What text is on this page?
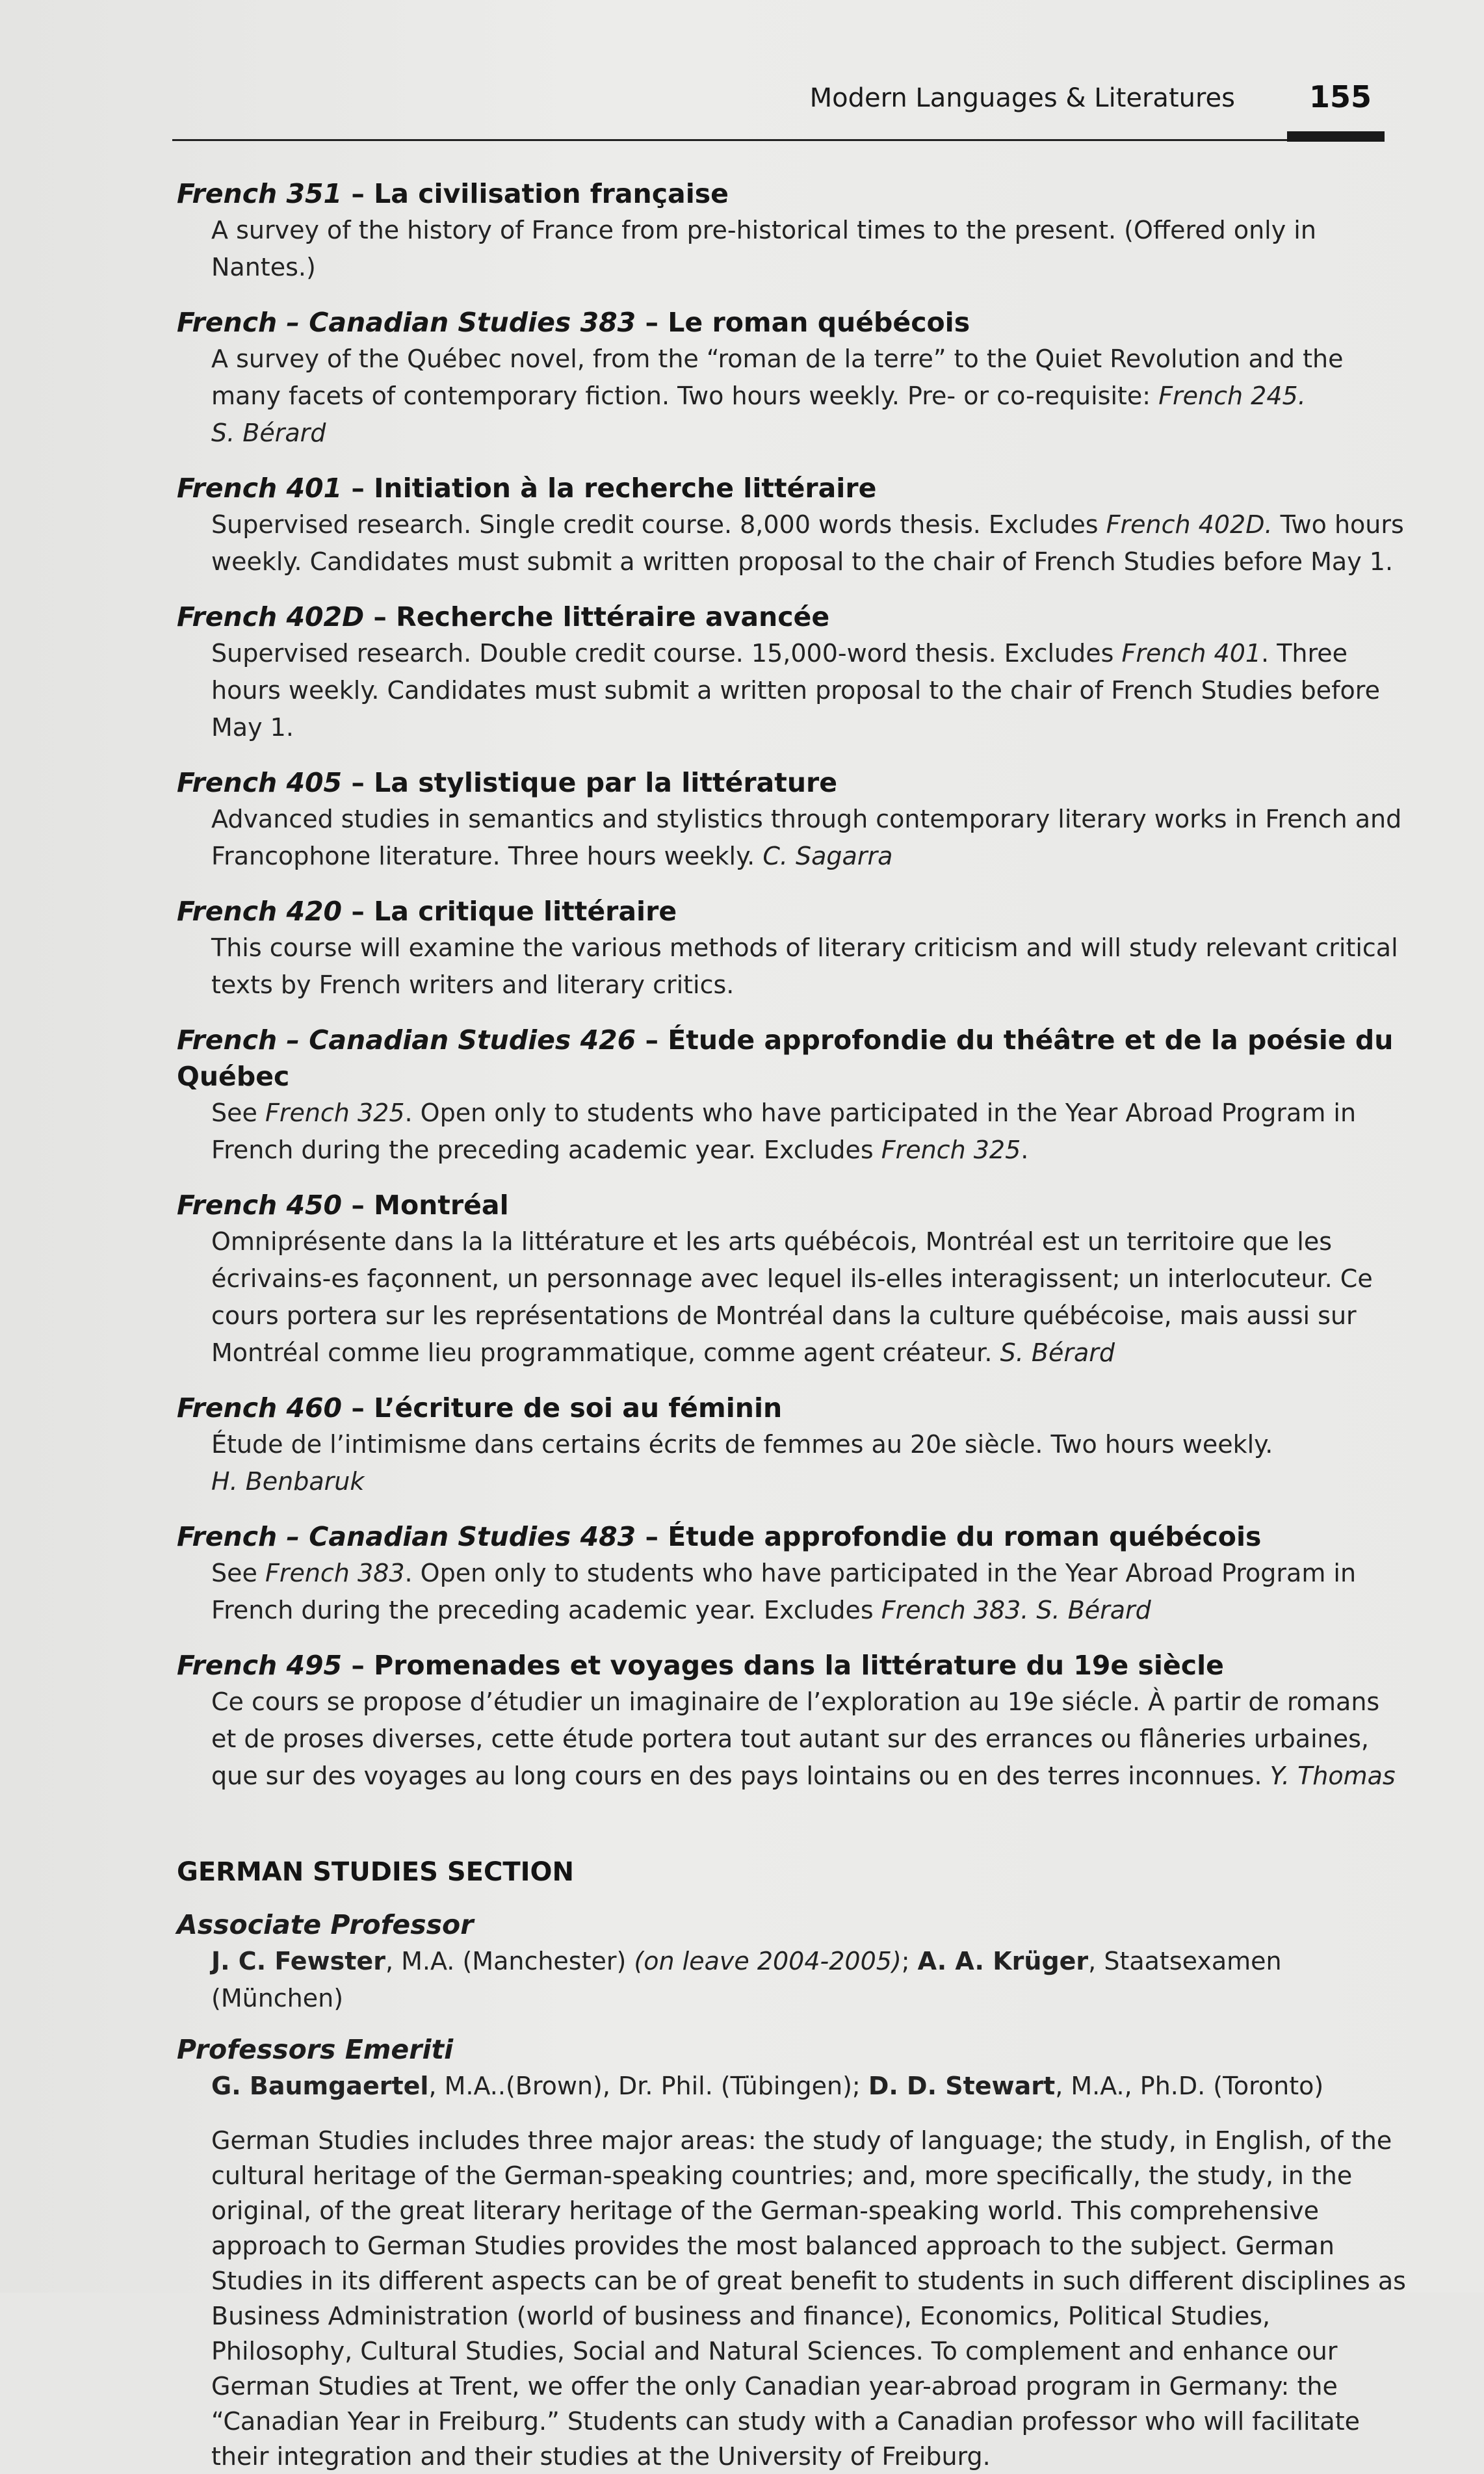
Modern Languages & Literatures 155
French 351 – La civilisation française

A survey of the history of France from pre-historical times to the present. (Offered only in Nantes.)

French – Canadian Studies 383 – Le roman québécois

A survey of the Québec novel, from the “roman de la terre” to the Quiet Revolution and the many facets of contemporary fiction. Two hours weekly. Pre- or co-requisite: French 245.
S. Bérard

French 401 – Initiation à la recherche littéraire

Supervised research. Single credit course. 8,000 words thesis. Excludes French 402D. Two hours weekly. Candidates must submit a written proposal to the chair of French Studies before May 1.

French 402D – Recherche littéraire avancée

Supervised research. Double credit course. 15,000-word thesis. Excludes French 401. Three hours weekly. Candidates must submit a written proposal to the chair of French Studies before May 1.

French 405 – La stylistique par la littérature

Advanced studies in semantics and stylistics through contemporary literary works in French and Francophone literature. Three hours weekly. C. Sagarra

French 420 – La critique littéraire

This course will examine the various methods of literary criticism and will study relevant critical texts by French writers and literary critics.

French – Canadian Studies 426 – Étude approfondie du théâtre et de la poésie du Québec

See French 325. Open only to students who have participated in the Year Abroad Program in French during the preceding academic year. Excludes French 325.

French 450 – Montréal

Omniprésente dans la la littérature et les arts québécois, Montréal est un territoire que les écrivains-es façonnent, un personnage avec lequel ils-elles interagissent; un interlocuteur. Ce cours portera sur les représentations de Montréal dans la culture québécoise, mais aussi sur Montréal comme lieu programmatique, comme agent créateur. S. Bérard

French 460 – L’écriture de soi au féminin

Étude de l’intimisme dans certains écrits de femmes au 20e siècle. Two hours weekly.
H. Benbaruk

French – Canadian Studies 483 – Étude approfondie du roman québécois

See French 383. Open only to students who have participated in the Year Abroad Program in French during the preceding academic year. Excludes French 383. S. Bérard

French 495 – Promenades et voyages dans la littérature du 19e siècle

Ce cours se propose d’étudier un imaginaire de l’exploration au 19e siécle. À partir de romans et de proses diverses, cette étude portera tout autant sur des errances ou flâneries urbaines, que sur des voyages au long cours en des pays lointains ou en des terres inconnues. Y. Thomas

GERMAN STUDIES SECTION

Associate Professor

J. C. Fewster, M.A. (Manchester) (on leave 2004-2005); A. A. Krüger, Staatsexamen (München)

Professors Emeriti

G. Baumgaertel, M.A..(Brown), Dr. Phil. (Tübingen); D. D. Stewart, M.A., Ph.D. (Toronto)

German Studies includes three major areas: the study of language; the study, in English, of the cultural heritage of the German-speaking countries; and, more specifically, the study, in the original, of the great literary heritage of the German-speaking world. This comprehensive approach to German Studies provides the most balanced approach to the subject. German Studies in its different aspects can be of great benefit to students in such different disciplines as Business Administration (world of business and finance), Economics, Political Studies, Philosophy, Cultural Studies, Social and Natural Sciences. To complement and enhance our German Studies at Trent, we offer the only Canadian year-abroad program in Germany: the “Canadian Year in Freiburg.” Students can study with a Canadian professor who will facilitate their integration and their studies at the University of Freiburg.
